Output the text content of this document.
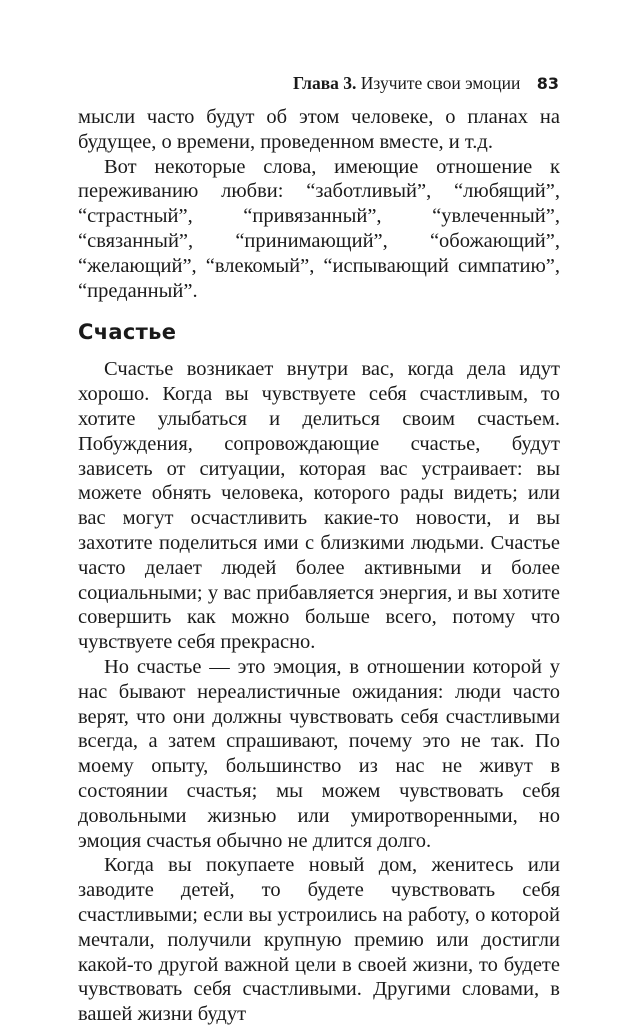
Глава 3. Изучите свои эмоции 83

мысли часто будут об этом человеке, о планах на будущее, о времени, проведенном вместе, и т.д.

Вот некоторые слова, имеющие отношение к переживанию любви: “заботливый”, “любящий”, “страстный”, “привязанный”, “увлеченный”, “связанный”, “принимающий”, “обожающий”, “желающий”, “влекомый”, “испывающий симпатию”, “преданный”.

Счастье

Счастье возникает внутри вас, когда дела идут хорошо. Когда вы чувствуете себя счастливым, то хотите улыбаться и делиться своим счастьем. Побуждения, сопровождающие счастье, будут зависеть от ситуации, которая вас устраивает: вы можете обнять человека, которого рады видеть; или вас могут осчастливить какие-то новости, и вы захотите поделиться ими с близкими людьми. Счастье часто делает людей более активными и более социальными; у вас прибавляется энергия, и вы хотите совершить как можно больше всего, потому что чувствуете себя прекрасно.

Но счастье — это эмоция, в отношении которой у нас бывают нереалистичные ожидания: люди часто верят, что они должны чувствовать себя счастливыми всегда, а затем спрашивают, почему это не так. По моему опыту, большинство из нас не живут в состоянии счастья; мы можем чувствовать себя довольными жизнью или умиротворенными, но эмоция счастья обычно не длится долго.

Когда вы покупаете новый дом, женитесь или заводите детей, то будете чувствовать себя счастливыми; если вы устроились на работу, о которой мечтали, получили крупную премию или достигли какой-то другой важной цели в своей жизни, то будете чувствовать себя счастливыми. Другими словами, в вашей жизни будут
